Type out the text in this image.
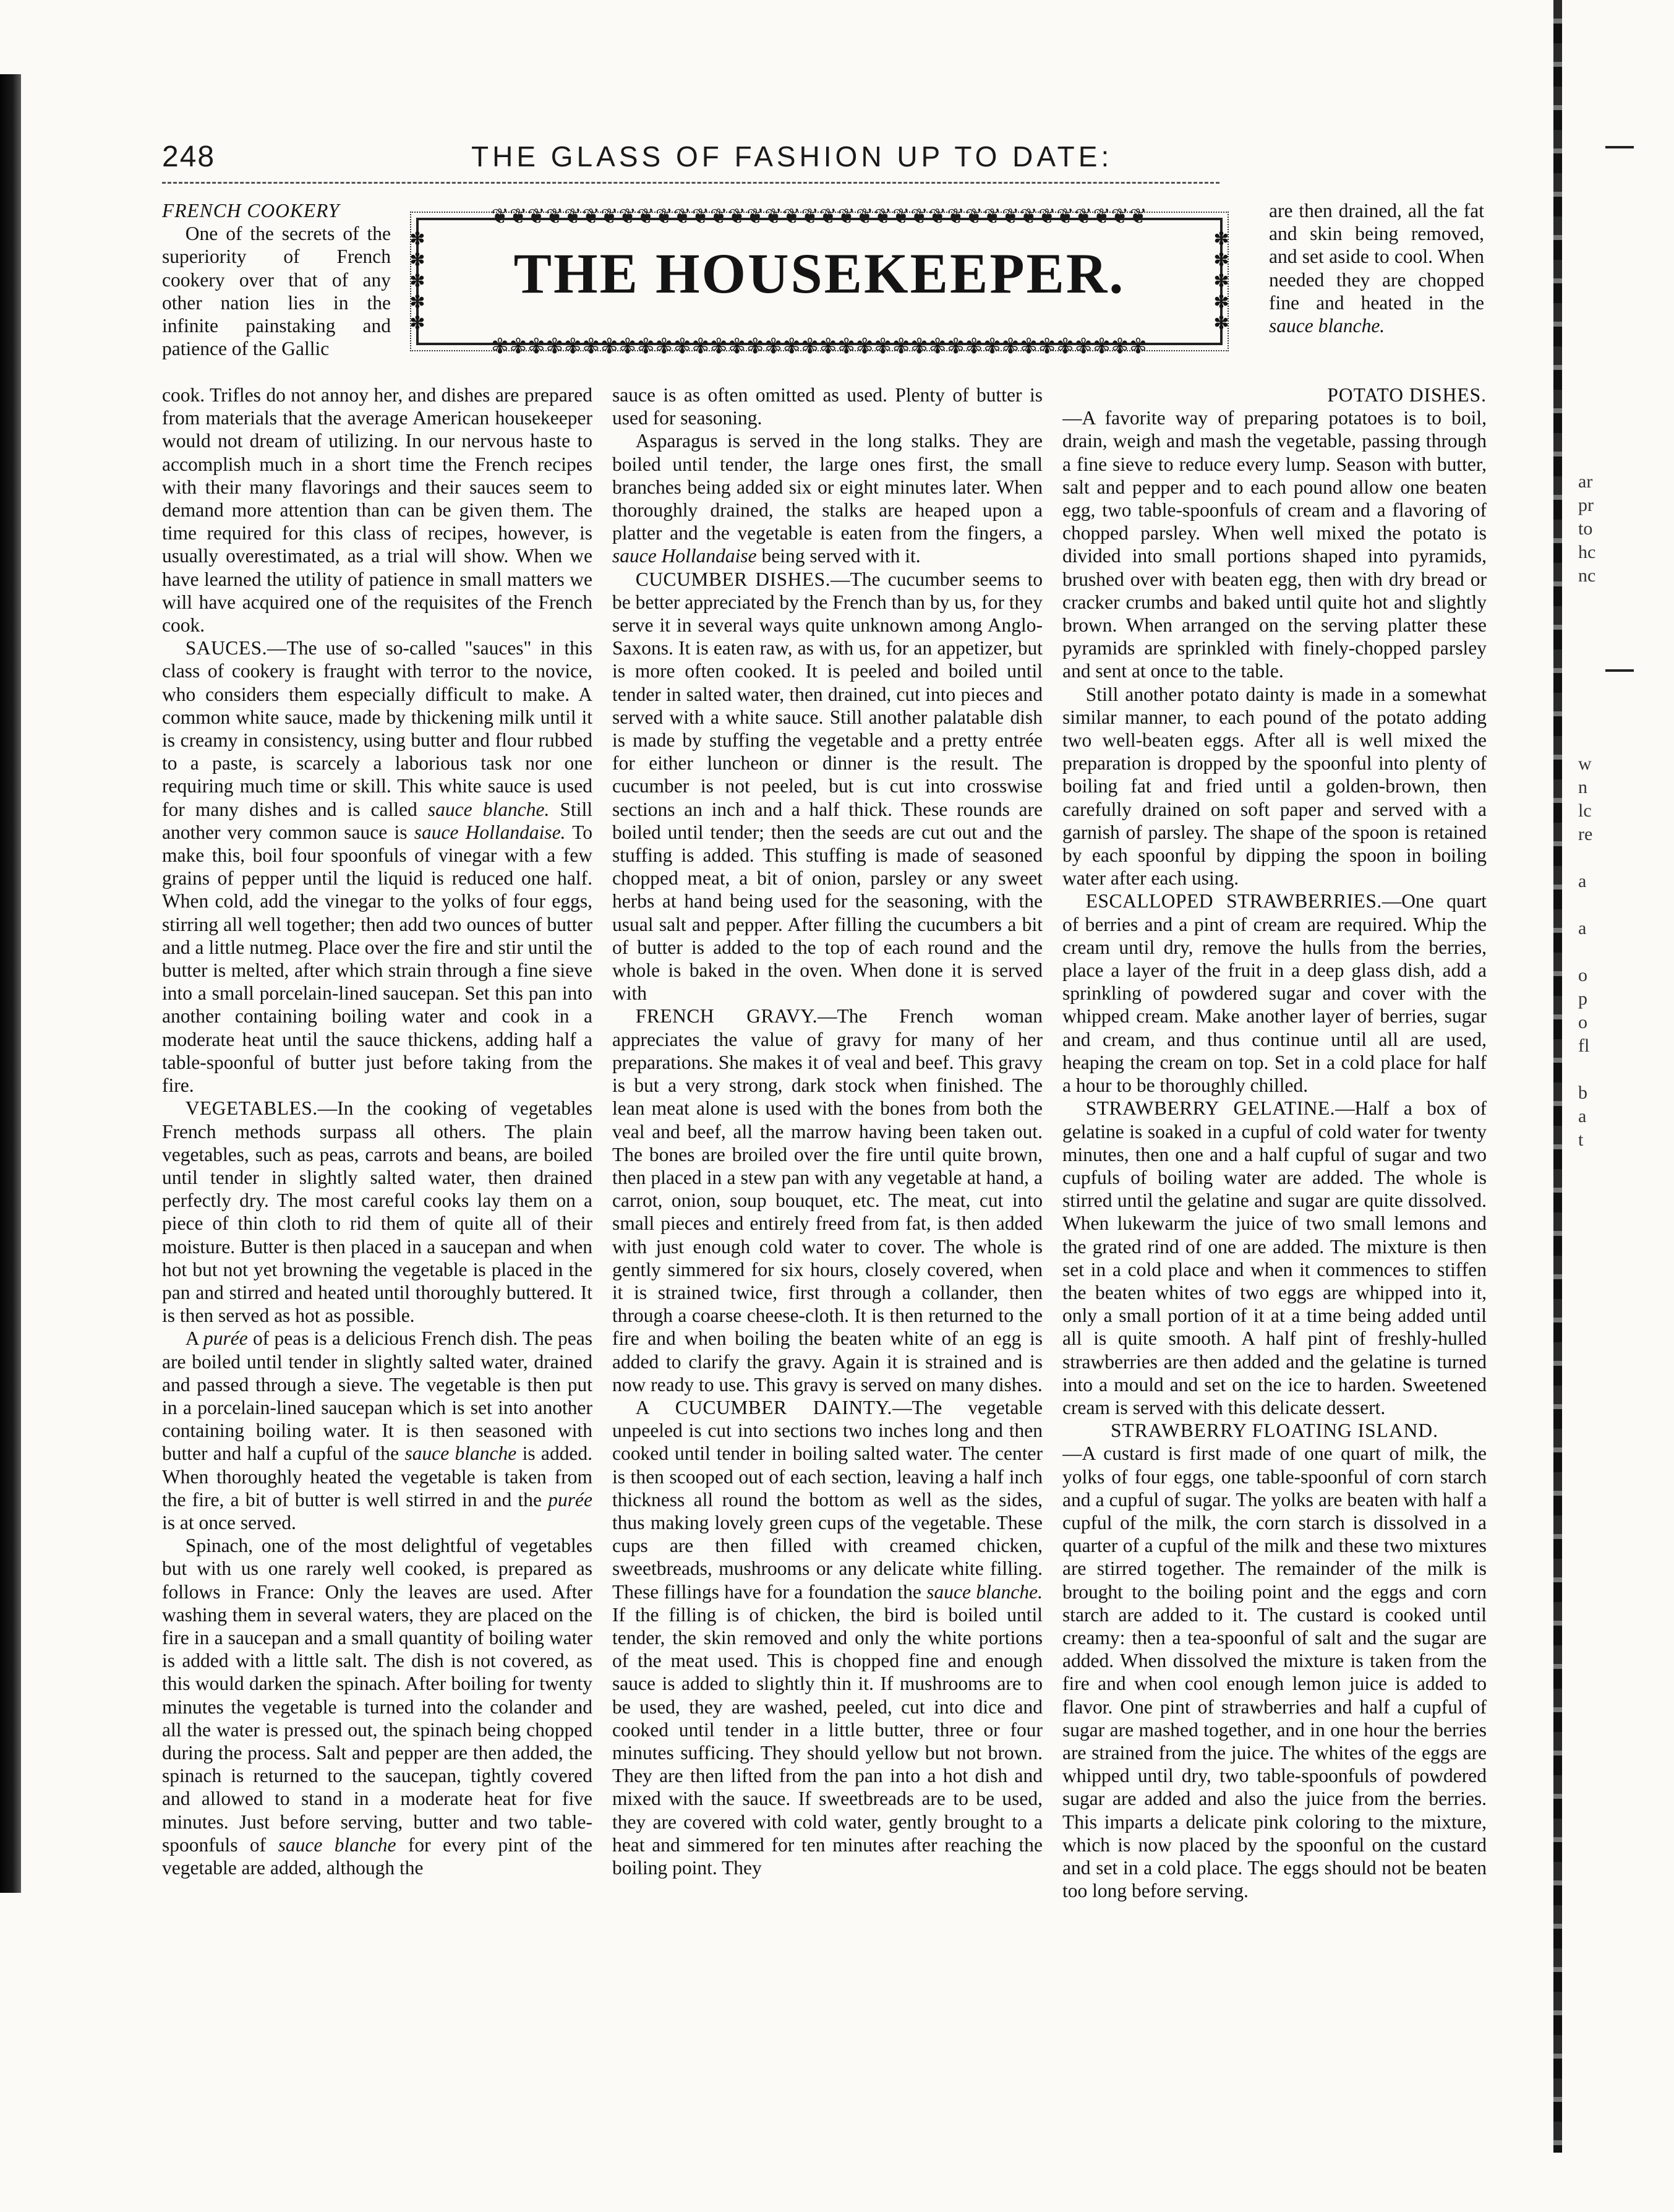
ar
pr
to
hc
nc
w
n
lc
re
a
a
o
p
o
fl
b
a
t
248	THE GLASS OF FASHION UP TO DATE:
❦❦❦❦❦❦❦❦❦❦❦❦❦❦❦❦❦❦❦❦❦❦❦❦❦❦❦❦❦❦❦❦❦❦❦❦
✽
✽
✽
✽
✽
✽
✽
✽
✽
✽
THE HOUSEKEEPER.
✾✾✾✾✾✾✾✾✾✾✾✾✾✾✾✾✾✾✾✾✾✾✾✾✾✾✾✾✾✾✾✾✾✾✾✾

FRENCH COOKERY

One of the secrets of the superiority of French cookery over that of any other nation lies in the infinite painstaking and patience of the Gallic

cook. Trifles do not annoy her, and dishes are prepared from materials that the average American housekeeper would not dream of utilizing. In our nervous haste to accomplish much in a short time the French recipes with their many flavorings and their sauces seem to demand more attention than can be given them. The time required for this class of recipes, however, is usually overestimated, as a trial will show. When we have learned the utility of patience in small matters we will have acquired one of the requisites of the French cook.

SAUCES.—The use of so-called "sauces" in this class of cookery is fraught with terror to the novice, who considers them especially difficult to make. A common white sauce, made by thickening milk until it is creamy in consistency, using butter and flour rubbed to a paste, is scarcely a laborious task nor one requiring much time or skill. This white sauce is used for many dishes and is called sauce blanche. Still another very common sauce is sauce Hollandaise. To make this, boil four spoonfuls of vinegar with a few grains of pepper until the liquid is reduced one half. When cold, add the vinegar to the yolks of four eggs, stirring all well together; then add two ounces of butter and a little nutmeg. Place over the fire and stir until the butter is melted, after which strain through a fine sieve into a small porcelain-lined saucepan. Set this pan into another containing boiling water and cook in a moderate heat until the sauce thickens, adding half a table-spoonful of butter just before taking from the fire.

VEGETABLES.—In the cooking of vegetables French methods surpass all others. The plain vegetables, such as peas, carrots and beans, are boiled until tender in slightly salted water, then drained perfectly dry. The most careful cooks lay them on a piece of thin cloth to rid them of quite all of their moisture. Butter is then placed in a saucepan and when hot but not yet browning the vegetable is placed in the pan and stirred and heated until thoroughly buttered. It is then served as hot as possible.

A purée of peas is a delicious French dish. The peas are boiled until tender in slightly salted water, drained and passed through a sieve. The vegetable is then put in a porcelain-lined saucepan which is set into another containing boiling water. It is then seasoned with butter and half a cupful of the sauce blanche is added. When thoroughly heated the vegetable is taken from the fire, a bit of butter is well stirred in and the purée is at once served.

Spinach, one of the most delightful of vegetables but with us one rarely well cooked, is prepared as follows in France: Only the leaves are used. After washing them in several waters, they are placed on the fire in a saucepan and a small quantity of boiling water is added with a little salt. The dish is not covered, as this would darken the spinach. After boiling for twenty minutes the vegetable is turned into the colander and all the water is pressed out, the spinach being chopped during the process. Salt and pepper are then added, the spinach is returned to the saucepan, tightly covered and allowed to stand in a moderate heat for five minutes. Just before serving, butter and two table-spoonfuls of sauce blanche for every pint of the vegetable are added, although the

sauce is as often omitted as used. Plenty of butter is used for seasoning.

Asparagus is served in the long stalks. They are boiled until tender, the large ones first, the small branches being added six or eight minutes later. When thoroughly drained, the stalks are heaped upon a platter and the vegetable is eaten from the fingers, a sauce Hollandaise being served with it.

CUCUMBER DISHES.—The cucumber seems to be better appreciated by the French than by us, for they serve it in several ways quite unknown among Anglo-Saxons. It is eaten raw, as with us, for an appetizer, but is more often cooked. It is peeled and boiled until tender in salted water, then drained, cut into pieces and served with a white sauce. Still another palatable dish is made by stuffing the vegetable and a pretty entrée for either luncheon or dinner is the result. The cucumber is not peeled, but is cut into crosswise sections an inch and a half thick. These rounds are boiled until tender; then the seeds are cut out and the stuffing is added. This stuffing is made of seasoned chopped meat, a bit of onion, parsley or any sweet herbs at hand being used for the seasoning, with the usual salt and pepper. After filling the cucumbers a bit of butter is added to the top of each round and the whole is baked in the oven. When done it is served with

FRENCH GRAVY.—The French woman appreciates the value of gravy for many of her preparations. She makes it of veal and beef. This gravy is but a very strong, dark stock when finished. The lean meat alone is used with the bones from both the veal and beef, all the marrow having been taken out. The bones are broiled over the fire until quite brown, then placed in a stew pan with any vegetable at hand, a carrot, onion, soup bouquet, etc. The meat, cut into small pieces and entirely freed from fat, is then added with just enough cold water to cover. The whole is gently simmered for six hours, closely covered, when it is strained twice, first through a collander, then through a coarse cheese-cloth. It is then returned to the fire and when boiling the beaten white of an egg is added to clarify the gravy. Again it is strained and is now ready to use. This gravy is served on many dishes.

A CUCUMBER DAINTY.—The vegetable unpeeled is cut into sections two inches long and then cooked until tender in boiling salted water. The center is then scooped out of each section, leaving a half inch thickness all round the bottom as well as the sides, thus making lovely green cups of the vegetable. These cups are then filled with creamed chicken, sweetbreads, mushrooms or any delicate white filling. These fillings have for a foundation the sauce blanche. If the filling is of chicken, the bird is boiled until tender, the skin removed and only the white portions of the meat used. This is chopped fine and enough sauce is added to slightly thin it. If mushrooms are to be used, they are washed, peeled, cut into dice and cooked until tender in a little butter, three or four minutes sufficing. They should yellow but not brown. They are then lifted from the pan into a hot dish and mixed with the sauce. If sweetbreads are to be used, they are covered with cold water, gently brought to a heat and simmered for ten minutes after reaching the boiling point. They

are then drained, all the fat and skin being removed, and set aside to cool. When needed they are chopped fine and heated in the sauce blanche.

POTATO DISHES.

—A favorite way of preparing potatoes is to boil, drain, weigh and mash the vegetable, passing through a fine sieve to reduce every lump. Season with butter, salt and pepper and to each pound allow one beaten egg, two table-spoonfuls of cream and a flavoring of chopped parsley. When well mixed the potato is divided into small portions shaped into pyramids, brushed over with beaten egg, then with dry bread or cracker crumbs and baked until quite hot and slightly brown. When arranged on the serving platter these pyramids are sprinkled with finely-chopped parsley and sent at once to the table.

Still another potato dainty is made in a somewhat similar manner, to each pound of the potato adding two well-beaten eggs. After all is well mixed the preparation is dropped by the spoonful into plenty of boiling fat and fried until a golden-brown, then carefully drained on soft paper and served with a garnish of parsley. The shape of the spoon is retained by each spoonful by dipping the spoon in boiling water after each using.

ESCALLOPED STRAWBERRIES.—One quart of berries and a pint of cream are required. Whip the cream until dry, remove the hulls from the berries, place a layer of the fruit in a deep glass dish, add a sprinkling of powdered sugar and cover with the whipped cream. Make another layer of berries, sugar and cream, and thus continue until all are used, heaping the cream on top. Set in a cold place for half a hour to be thoroughly chilled.

STRAWBERRY GELATINE.—Half a box of gelatine is soaked in a cupful of cold water for twenty minutes, then one and a half cupful of sugar and two cupfuls of boiling water are added. The whole is stirred until the gelatine and sugar are quite dissolved. When lukewarm the juice of two small lemons and the grated rind of one are added. The mixture is then set in a cold place and when it commences to stiffen the beaten whites of two eggs are whipped into it, only a small portion of it at a time being added until all is quite smooth. A half pint of freshly-hulled strawberries are then added and the gelatine is turned into a mould and set on the ice to harden. Sweetened cream is served with this delicate dessert.

STRAWBERRY FLOATING ISLAND.

—A custard is first made of one quart of milk, the yolks of four eggs, one table-spoonful of corn starch and a cupful of sugar. The yolks are beaten with half a cupful of the milk, the corn starch is dissolved in a quarter of a cupful of the milk and these two mixtures are stirred together. The remainder of the milk is brought to the boiling point and the eggs and corn starch are added to it. The custard is cooked until creamy: then a tea-spoonful of salt and the sugar are added. When dissolved the mixture is taken from the fire and when cool enough lemon juice is added to flavor. One pint of strawberries and half a cupful of sugar are mashed together, and in one hour the berries are strained from the juice. The whites of the eggs are whipped until dry, two table-spoonfuls of powdered sugar are added and also the juice from the berries. This imparts a delicate pink coloring to the mixture, which is now placed by the spoonful on the custard and set in a cold place. The eggs should not be beaten too long before serving.
